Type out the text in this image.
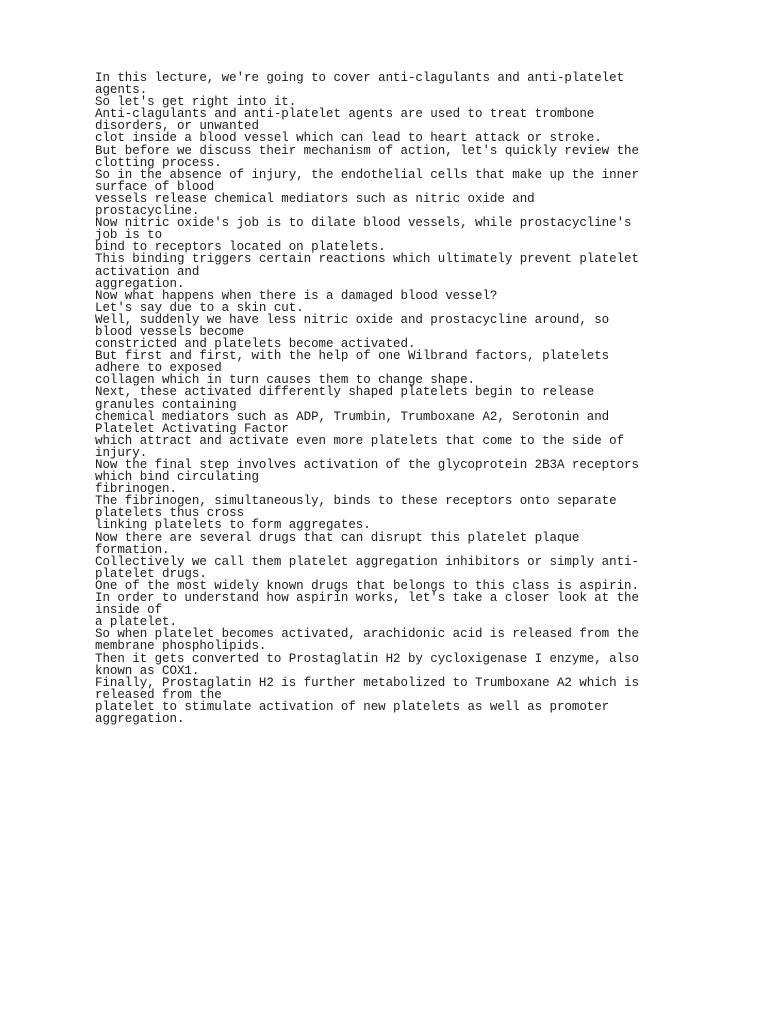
In this lecture, we're going to cover anti-clagulants and anti-platelet
agents.
So let's get right into it.
Anti-clagulants and anti-platelet agents are used to treat trombone
disorders, or unwanted
clot inside a blood vessel which can lead to heart attack or stroke.
But before we discuss their mechanism of action, let's quickly review the
clotting process.
So in the absence of injury, the endothelial cells that make up the inner
surface of blood
vessels release chemical mediators such as nitric oxide and
prostacycline.
Now nitric oxide's job is to dilate blood vessels, while prostacycline's
job is to
bind to receptors located on platelets.
This binding triggers certain reactions which ultimately prevent platelet
activation and
aggregation.
Now what happens when there is a damaged blood vessel?
Let's say due to a skin cut.
Well, suddenly we have less nitric oxide and prostacycline around, so
blood vessels become
constricted and platelets become activated.
But first and first, with the help of one Wilbrand factors, platelets
adhere to exposed
collagen which in turn causes them to change shape.
Next, these activated differently shaped platelets begin to release
granules containing
chemical mediators such as ADP, Trumbin, Trumboxane A2, Serotonin and
Platelet Activating Factor
which attract and activate even more platelets that come to the side of
injury.
Now the final step involves activation of the glycoprotein 2B3A receptors
which bind circulating
fibrinogen.
The fibrinogen, simultaneously, binds to these receptors onto separate
platelets thus cross
linking platelets to form aggregates.
Now there are several drugs that can disrupt this platelet plaque
formation.
Collectively we call them platelet aggregation inhibitors or simply anti-
platelet drugs.
One of the most widely known drugs that belongs to this class is aspirin.
In order to understand how aspirin works, let's take a closer look at the
inside of
a platelet.
So when platelet becomes activated, arachidonic acid is released from the
membrane phospholipids.
Then it gets converted to Prostaglatin H2 by cycloxigenase I enzyme, also
known as COX1.
Finally, Prostaglatin H2 is further metabolized to Trumboxane A2 which is
released from the
platelet to stimulate activation of new platelets as well as promoter
aggregation.
